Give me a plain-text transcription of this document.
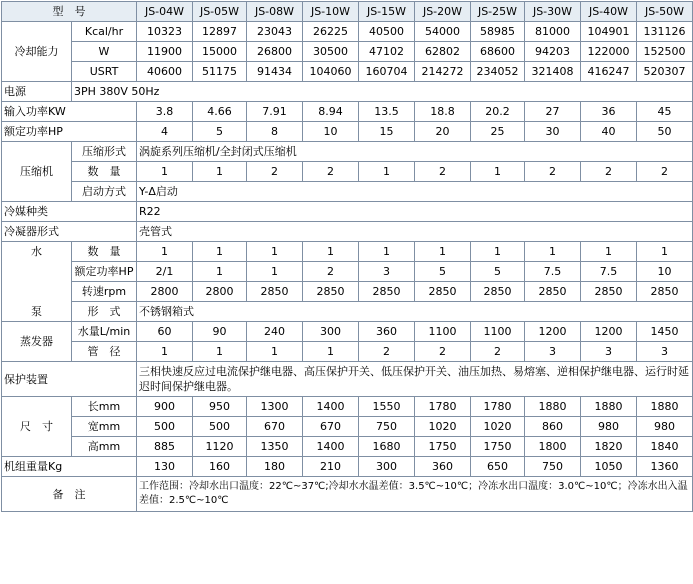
型　号		JS-04W	JS-05W	JS-08W	JS-10W	JS-15W	JS-20W	JS-25W	JS-30W	JS-40W	JS-50W
冷却能力	Kcal/hr	10323	12897	23043	26225	40500	54000	58985	81000	104901	131126
	W	11900	15000	26800	30500	47102	62802	68600	94203	122000	152500
	USRT	40600	51175	91434	104060	160704	214272	234052	321408	416247	520307
电源	3PH 380V 50Hz										
输入功率KW		3.8	4.66	7.91	8.94	13.5	18.8	20.2	27	36	45
额定功率HP		4	5	8	10	15	20	25	30	40	50
压缩机	压缩形式	涡旋系列压缩机/全封闭式压缩机									
	数　量	1	1	2	2	1	2	1	2	2	2
	启动方式	Y-Δ启动									
冷媒种类		R22									
冷凝器形式		壳管式									
水	数　量	1	1	1	1	1	1	1	1	1	1
	额定功率HP	2/1	1	1	2	3	5	5	7.5	7.5	10
	转速rpm	2800	2800	2850	2850	2850	2850	2850	2850	2850	2850
泵	形　式	不锈钢箱式									
蒸发器	水量L/min	60	90	240	300	360	1100	1100	1200	1200	1450
	管　径	1	1	1	1	2	2	2	3	3	3
保护装置		三相快速反应过电流保护继电器、高压保护开关、低压保护开关、油压加热、易熔塞、逆相保护继电器、运行时延迟时间保护继电器。									
尺　寸	长mm	900	950	1300	1400	1550	1780	1780	1880	1880	1880
	宽mm	500	500	670	670	750	1020	1020	860	980	980
	高mm	885	1120	1350	1400	1680	1750	1750	1800	1820	1840
机组重量Kg		130	160	180	210	300	360	650	750	1050	1360
备　注		工作范围：冷却水出口温度：22℃~37℃;冷却水水温差值：3.5℃~10℃；冷冻水出口温度：3.0℃~10℃；冷冻水出入温差值：2.5℃~10℃									
